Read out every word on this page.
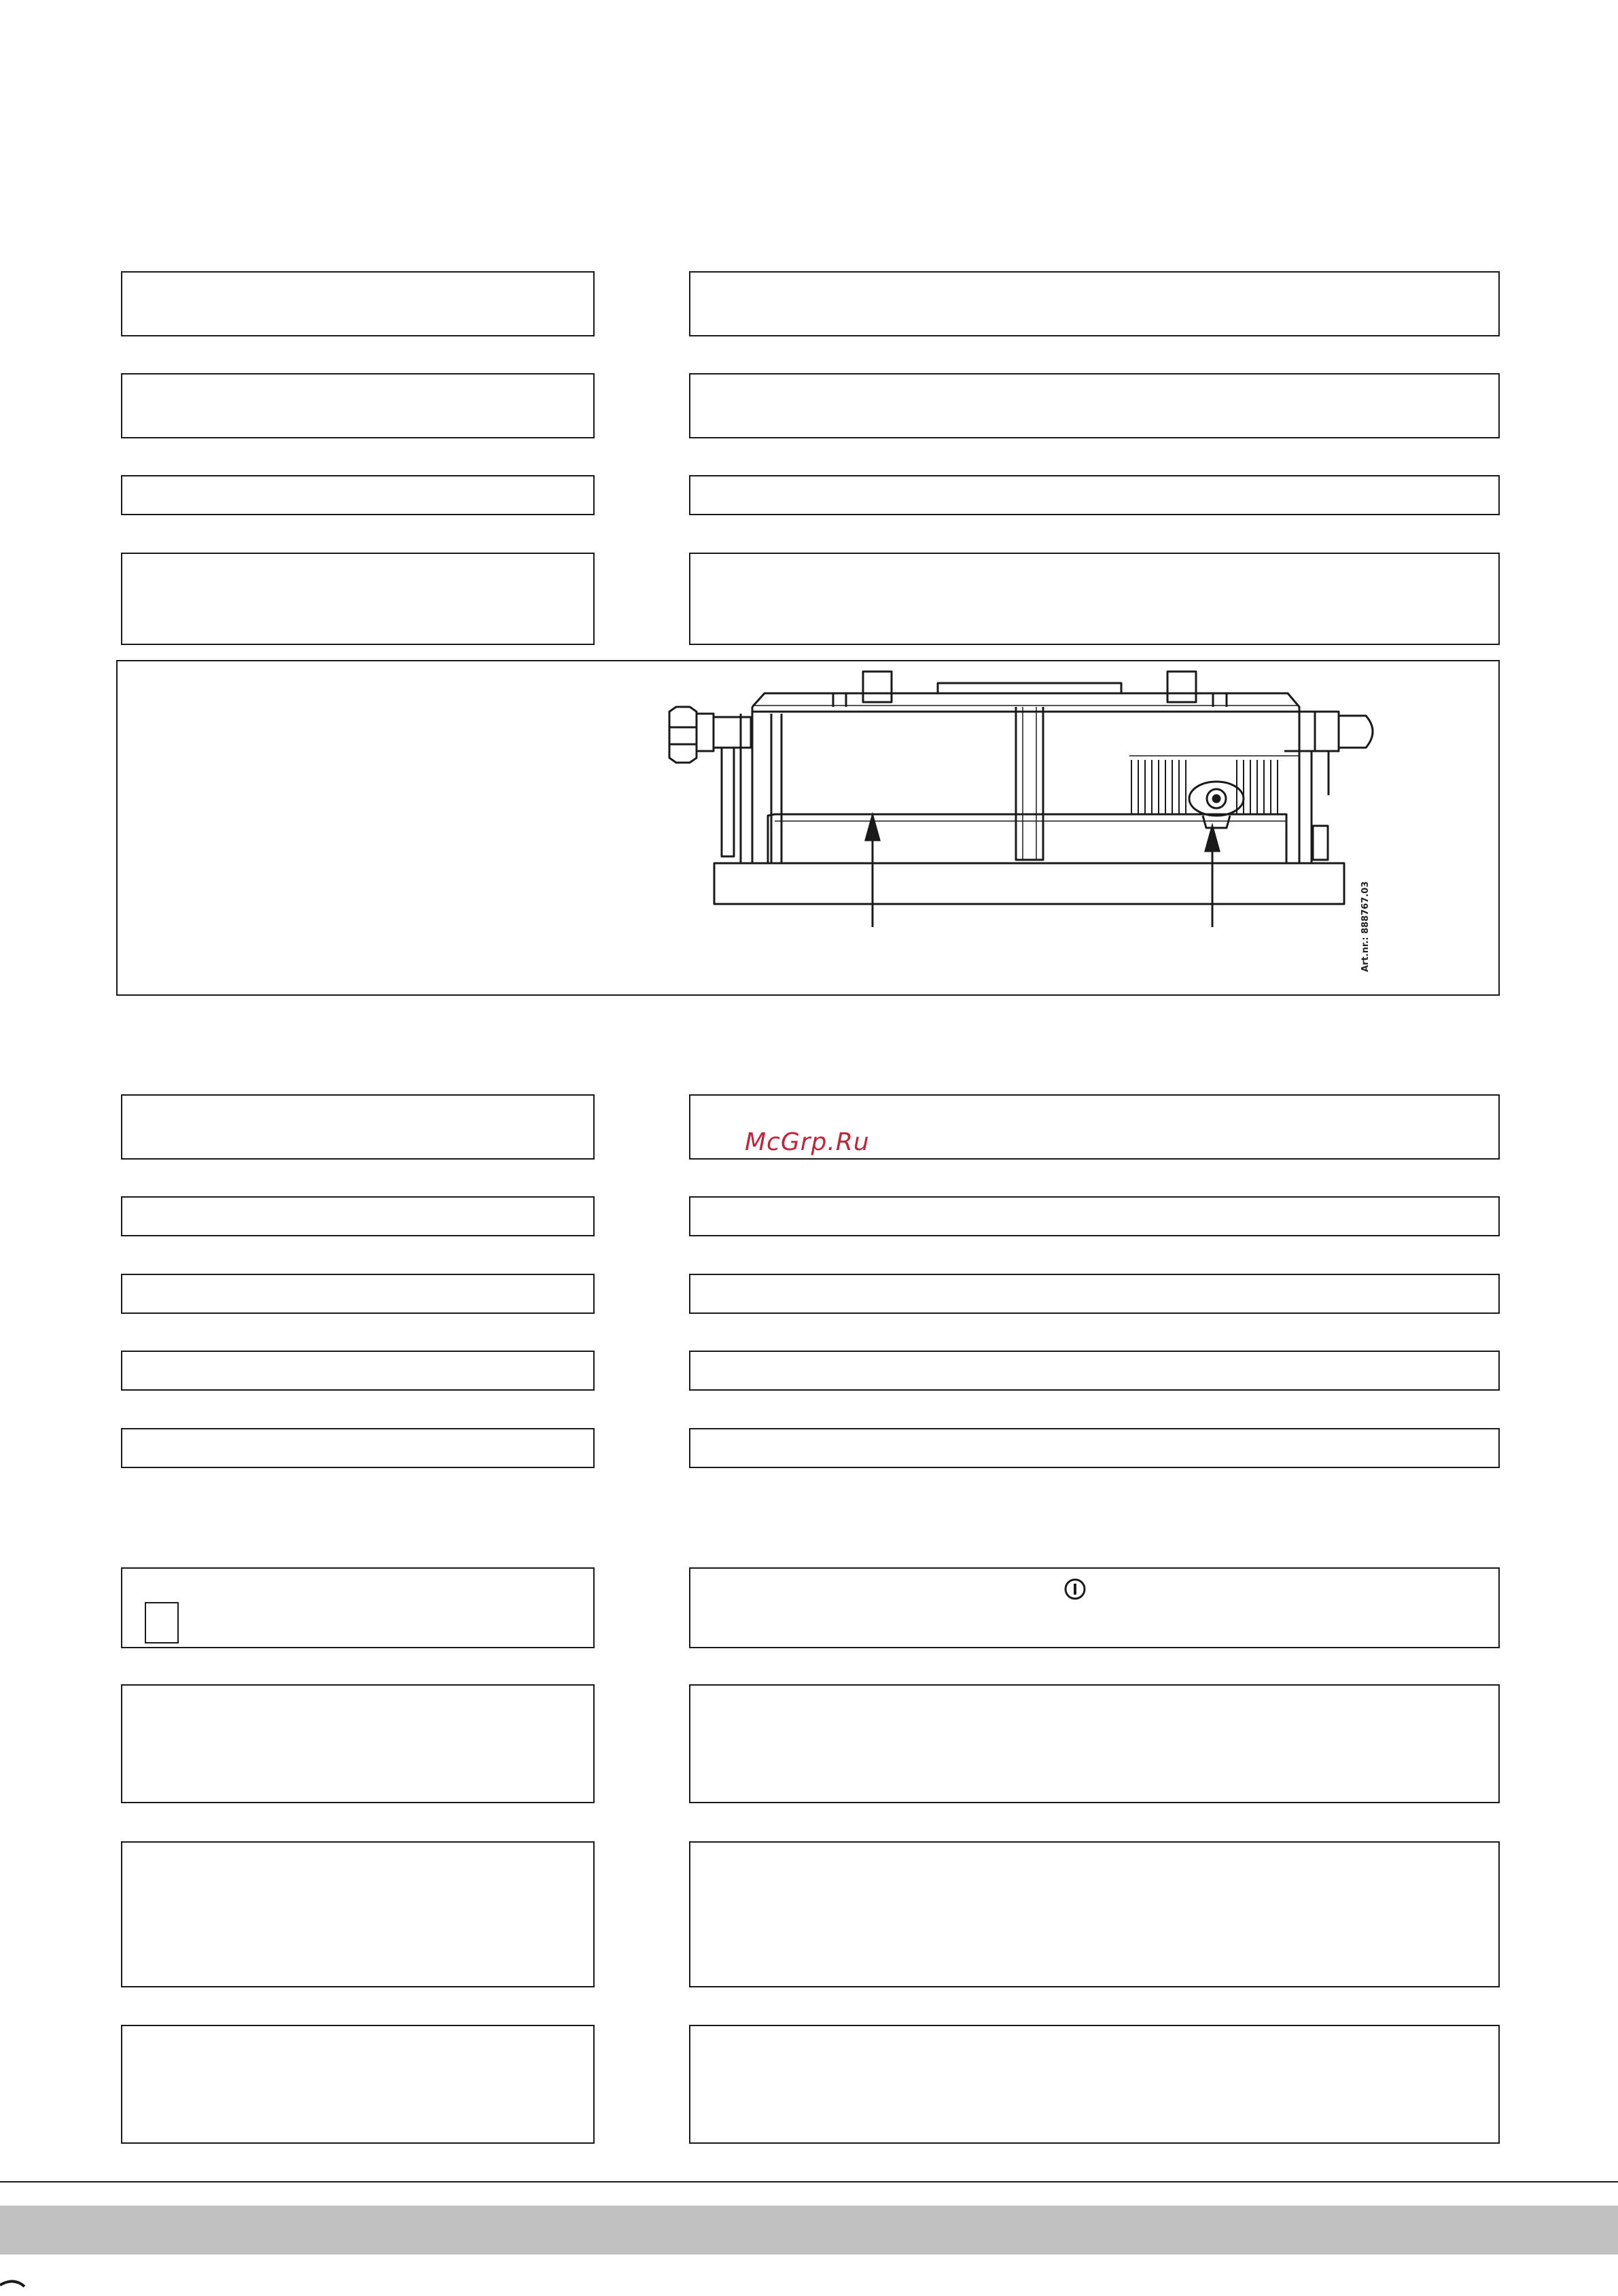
Art.nr.: 888767.03
McGrp.Ru
